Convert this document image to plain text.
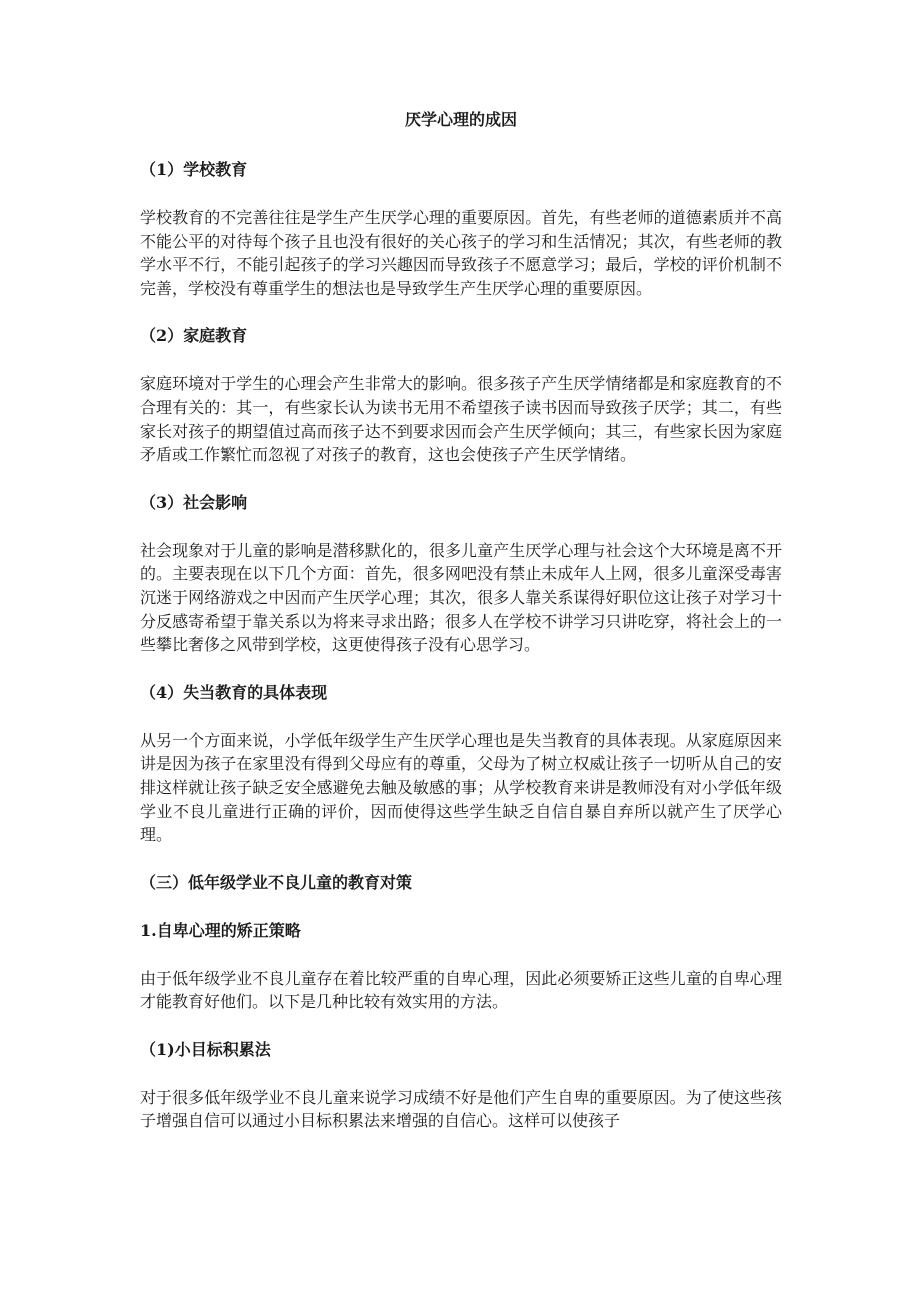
厌学心理的成因
（1）学校教育
学校教育的不完善往往是学生产生厌学心理的重要原因。首先，有些老师的道德素质并不高不能公平的对待每个孩子且也没有很好的关心孩子的学习和生活情况；其次，有些老师的教学水平不行，不能引起孩子的学习兴趣因而导致孩子不愿意学习；最后，学校的评价机制不完善，学校没有尊重学生的想法也是导致学生产生厌学心理的重要原因。
（2）家庭教育
家庭环境对于学生的心理会产生非常大的影响。很多孩子产生厌学情绪都是和家庭教育的不合理有关的：其一，有些家长认为读书无用不希望孩子读书因而导致孩子厌学；其二，有些家长对孩子的期望值过高而孩子达不到要求因而会产生厌学倾向；其三，有些家长因为家庭矛盾或工作繁忙而忽视了对孩子的教育，这也会使孩子产生厌学情绪。
（3）社会影响
社会现象对于儿童的影响是潜移默化的，很多儿童产生厌学心理与社会这个大环境是离不开的。主要表现在以下几个方面：首先，很多网吧没有禁止未成年人上网，很多儿童深受毒害沉迷于网络游戏之中因而产生厌学心理；其次，很多人靠关系谋得好职位这让孩子对学习十分反感寄希望于靠关系以为将来寻求出路；很多人在学校不讲学习只讲吃穿，将社会上的一些攀比奢侈之风带到学校，这更使得孩子没有心思学习。
（4）失当教育的具体表现
从另一个方面来说，小学低年级学生产生厌学心理也是失当教育的具体表现。从家庭原因来讲是因为孩子在家里没有得到父母应有的尊重，父母为了树立权威让孩子一切听从自己的安排这样就让孩子缺乏安全感避免去触及敏感的事；从学校教育来讲是教师没有对小学低年级学业不良儿童进行正确的评价，因而使得这些学生缺乏自信自暴自弃所以就产生了厌学心理。
（三）低年级学业不良儿童的教育对策
1.自卑心理的矫正策略
由于低年级学业不良儿童存在着比较严重的自卑心理，因此必须要矫正这些儿童的自卑心理才能教育好他们。以下是几种比较有效实用的方法。
（1)小目标积累法
对于很多低年级学业不良儿童来说学习成绩不好是他们产生自卑的重要原因。为了使这些孩子增强自信可以通过小目标积累法来增强的自信心。这样可以使孩子
